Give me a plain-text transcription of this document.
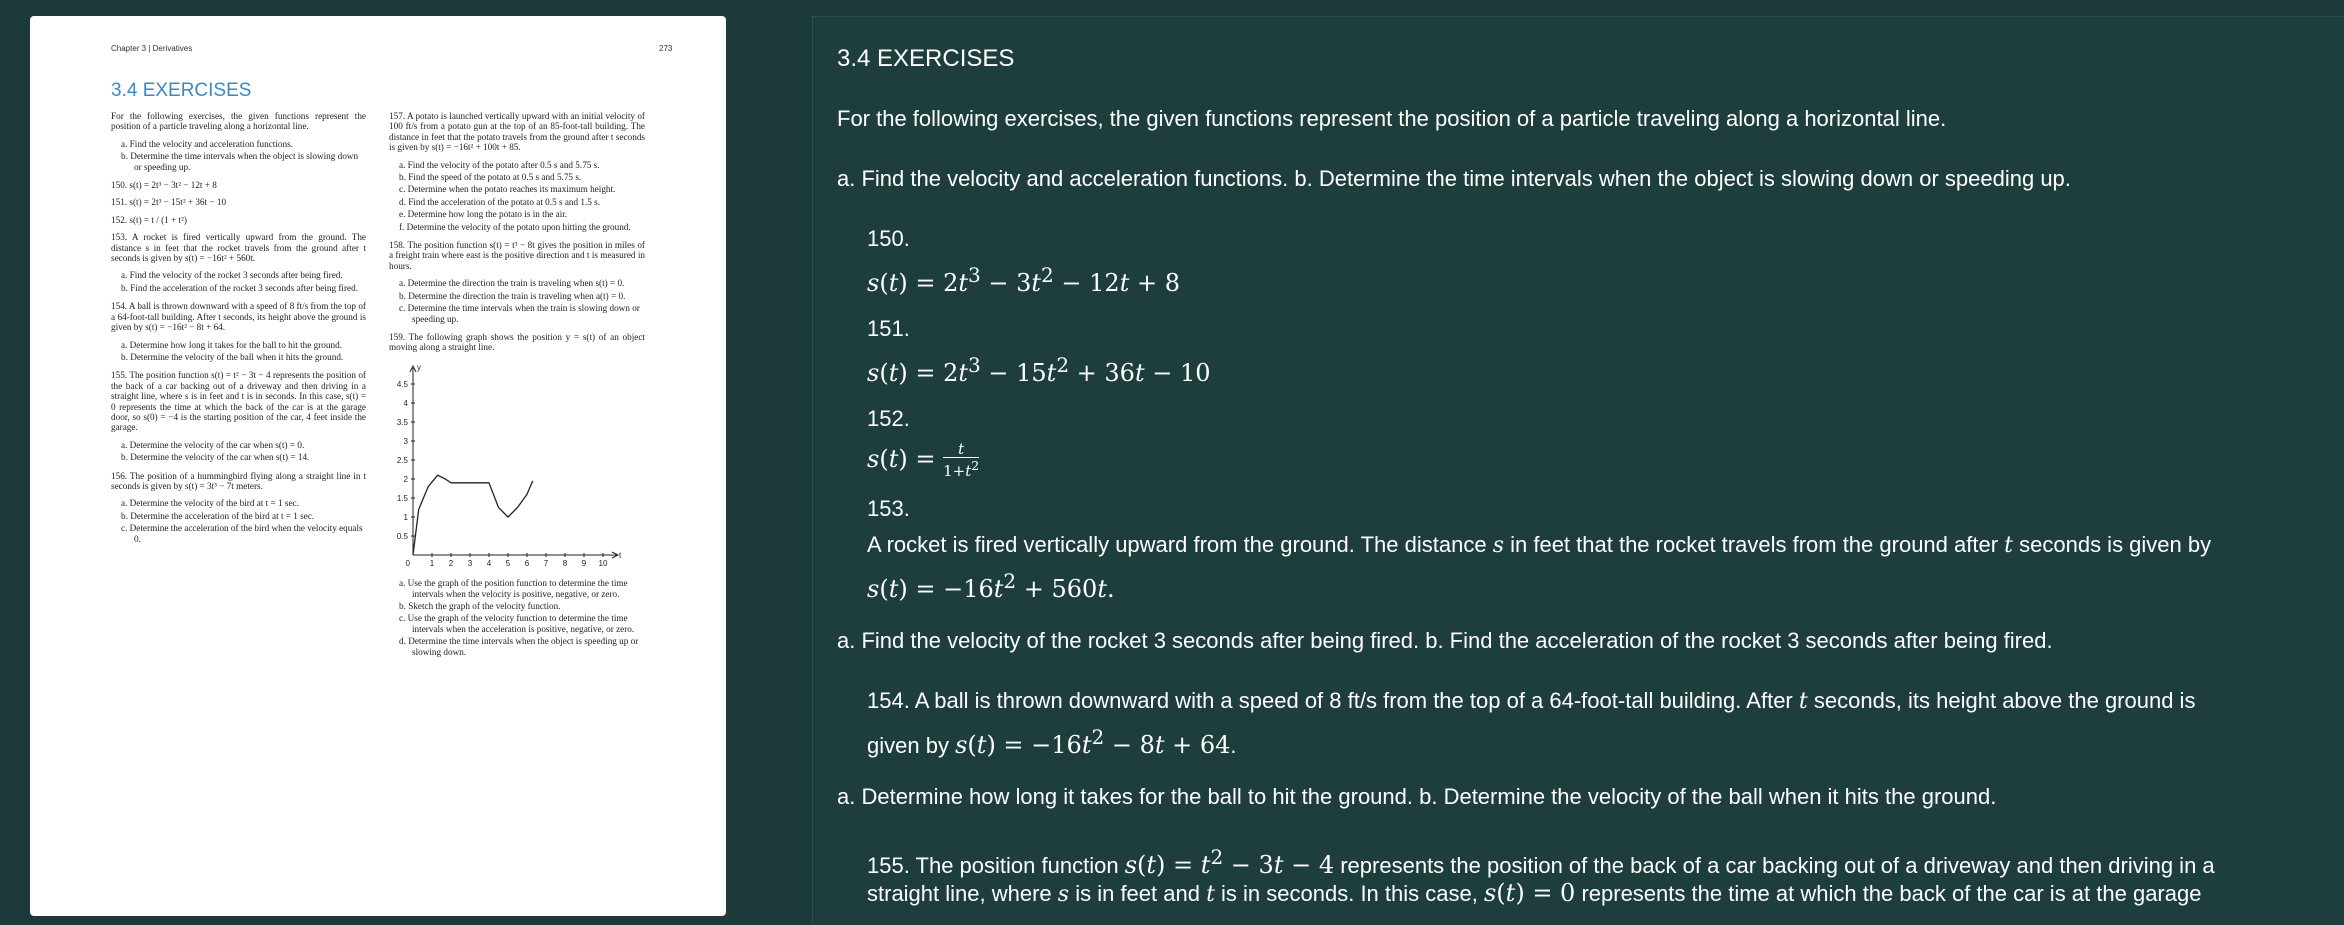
Chapter 3 | Derivatives	273
3.4 EXERCISES

For the following exercises, the given functions represent the position of a particle traveling along a horizontal line.

a. Find the velocity and acceleration functions.
b. Determine the time intervals when the object is slowing down or speeding up.

150. s(t) = 2t³ − 3t² − 12t + 8

151. s(t) = 2t³ − 15t² + 36t − 10

152. s(t) = t / (1 + t²)

153. A rocket is fired vertically upward from the ground. The distance s in feet that the rocket travels from the ground after t seconds is given by s(t) = −16t² + 560t.

a. Find the velocity of the rocket 3 seconds after being fired.
b. Find the acceleration of the rocket 3 seconds after being fired.

154. A ball is thrown downward with a speed of 8 ft/s from the top of a 64-foot-tall building. After t seconds, its height above the ground is given by s(t) = −16t² − 8t + 64.

a. Determine how long it takes for the ball to hit the ground.
b. Determine the velocity of the ball when it hits the ground.

155. The position function s(t) = t² − 3t − 4 represents the position of the back of a car backing out of a driveway and then driving in a straight line, where s is in feet and t is in seconds. In this case, s(t) = 0 represents the time at which the back of the car is at the garage door, so s(0) = −4 is the starting position of the car, 4 feet inside the garage.

a. Determine the velocity of the car when s(t) = 0.
b. Determine the velocity of the car when s(t) = 14.

156. The position of a hummingbird flying along a straight line in t seconds is given by s(t) = 3t³ − 7t meters.

a. Determine the velocity of the bird at t = 1 sec.
b. Determine the acceleration of the bird at t = 1 sec.
c. Determine the acceleration of the bird when the velocity equals 0.

157. A potato is launched vertically upward with an initial velocity of 100 ft/s from a potato gun at the top of an 85-foot-tall building. The distance in feet that the potato travels from the ground after t seconds is given by s(t) = −16t² + 100t + 85.

a. Find the velocity of the potato after 0.5 s and 5.75 s.
b. Find the speed of the potato at 0.5 s and 5.75 s.
c. Determine when the potato reaches its maximum height.
d. Find the acceleration of the potato at 0.5 s and 1.5 s.
e. Determine how long the potato is in the air.
f. Determine the velocity of the potato upon hitting the ground.

158. The position function s(t) = t³ − 8t gives the position in miles of a freight train where east is the positive direction and t is measured in hours.

a. Determine the direction the train is traveling when s(t) = 0.
b. Determine the direction the train is traveling when a(t) = 0.
c. Determine the time intervals when the train is slowing down or speeding up.

159. The following graph shows the position y = s(t) of an object moving along a straight line.

y
t
0.5
1
1.5
2
2.5
3
3.5
4
4.5
1 2 3 4 5 6 7 8 9 10
0
a. Use the graph of the position function to determine the time intervals when the velocity is positive, negative, or zero.
b. Sketch the graph of the velocity function.
c. Use the graph of the velocity function to determine the time intervals when the acceleration is positive, negative, or zero.
d. Determine the time intervals when the object is speeding up or slowing down.
3.4 EXERCISES
For the following exercises, the given functions represent the position of a particle traveling along a horizontal line.
a. Find the velocity and acceleration functions. b. Determine the time intervals when the object is slowing down or speeding up.
150.
$s(t) = 2t^3 - 3t^2 - 12t + 8$
151.
$s(t) = 2t^3 - 15t^2 + 36t - 10$
152.
$s(t) = \frac{t}{1+t^2}$
153.
A rocket is fired vertically upward from the ground. The distance s in feet that the rocket travels from the ground after t seconds is given by
$s(t) = -16t^2 + 560t$.
a. Find the velocity of the rocket 3 seconds after being fired. b. Find the acceleration of the rocket 3 seconds after being fired.
154. A ball is thrown downward with a speed of 8 ft/s from the top of a 64-foot-tall building. After t seconds, its height above the ground is
given by $s(t) = -16t^2 - 8t + 64$.
a. Determine how long it takes for the ball to hit the ground. b. Determine the velocity of the ball when it hits the ground.
155. The position function $s(t) = t^2 - 3t - 4$ represents the position of the back of a car backing out of a driveway and then driving in a
straight line, where s is in feet and t is in seconds. In this case, s(t) = 0 represents the time at which the back of the car is at the garage
